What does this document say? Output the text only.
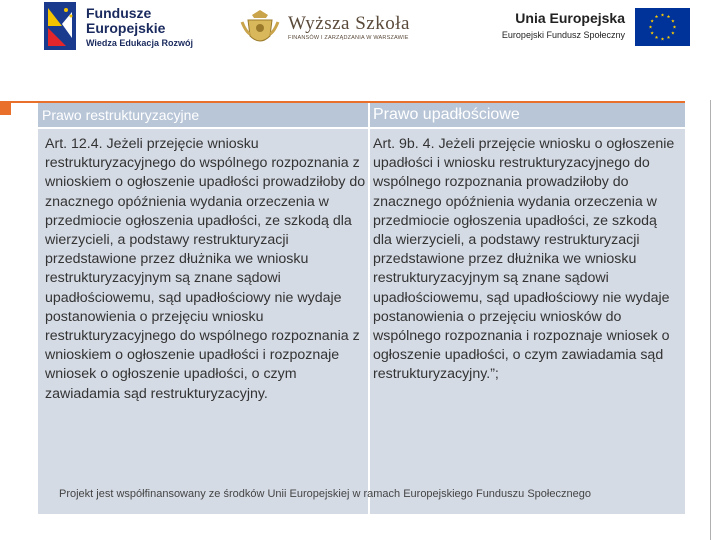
Fundusze
Europejskie
Wiedza Edukacja Rozwój
Wyższa Szkoła
FINANSÓW I ZARZĄDZANIA W WARSZAWIE
Unia Europejska
Europejski Fundusz Społeczny
Prawo restrukturyzacyjne	Prawo upadłościowe
Art. 12.4. Jeżeli przejęcie wniosku restrukturyzacyjnego do wspólnego rozpoznania z wnioskiem o ogłoszenie upadłości prowadziłoby do znacznego opóźnienia wydania orzeczenia w przedmiocie ogłoszenia upadłości, ze szkodą dla wierzycieli, a podstawy restrukturyzacji przedstawione przez dłużnika we wniosku restrukturyzacyjnym są znane sądowi upadłościowemu, sąd upadłościowy nie wydaje postanowienia o przejęciu wniosku restrukturyzacyjnego do wspólnego rozpoznania z wnioskiem o ogłoszenie upadłości i rozpoznaje wniosek o ogłoszenie upadłości, o czym zawiadamia sąd restrukturyzacyjny.
Art. 9b. 4. Jeżeli przejęcie wniosku o ogłoszenie upadłości i wniosku restrukturyzacyjnego do wspólnego rozpoznania prowadziłoby do znacznego opóźnienia wydania orzeczenia w przedmiocie ogłoszenia upadłości, ze szkodą dla wierzycieli, a podstawy restrukturyzacji przedstawione przez dłużnika we wniosku restrukturyzacyjnym są znane sądowi upadłościowemu, sąd upadłościowy nie wydaje postanowienia o przejęciu wniosków do wspólnego rozpoznania i rozpoznaje wniosek o ogłoszenie upadłości, o czym zawiadamia sąd restrukturyzacyjny.”;
Projekt jest współfinansowany ze środków Unii Europejskiej w ramach Europejskiego Funduszu Społecznego
